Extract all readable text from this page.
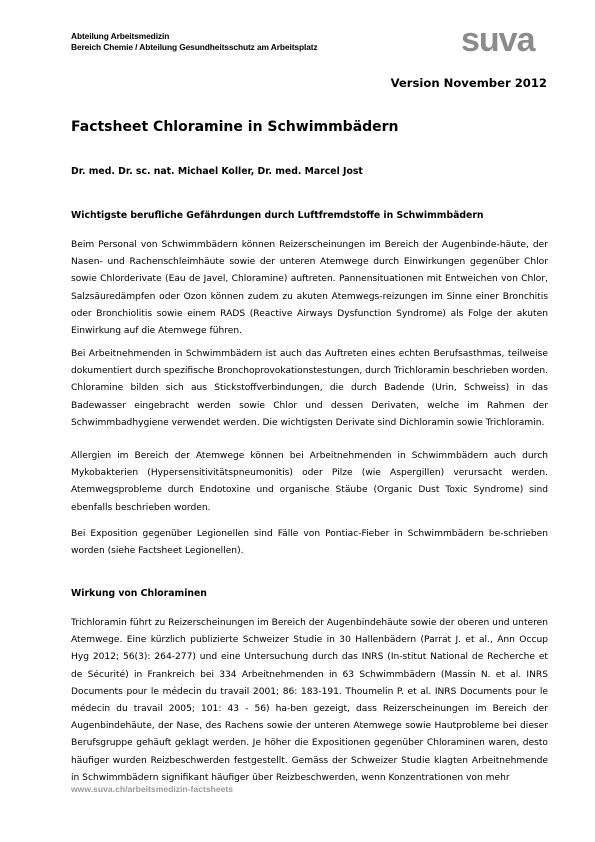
Abteilung Arbeitsmedizin
Bereich Chemie / Abteilung Gesundheitsschutz am Arbeitsplatz	suva
Version November 2012
Factsheet Chloramine in Schwimmbädern
Dr. med. Dr. sc. nat. Michael Koller, Dr. med. Marcel Jost
Wichtigste berufliche Gefährdungen durch Luftfremdstoffe in Schwimmbädern
Beim Personal von Schwimmbädern können Reizerscheinungen im Bereich der Augenbinde-häute, der Nasen- und Rachenschleimhäute sowie der unteren Atemwege durch Einwirkungen gegenüber Chlor sowie Chlorderivate (Eau de Javel, Chloramine) auftreten. Pannensituationen mit Entweichen von Chlor, Salzsäuredämpfen oder Ozon können zudem zu akuten Atemwegs-reizungen im Sinne einer Bronchitis oder Bronchiolitis sowie einem RADS (Reactive Airways Dysfunction Syndrome) als Folge der akuten Einwirkung auf die Atemwege führen.
Bei Arbeitnehmenden in Schwimmbädern ist auch das Auftreten eines echten Berufsasthmas, teilweise dokumentiert durch spezifische Bronchoprovokationstestungen, durch Trichloramin beschrieben worden. Chloramine bilden sich aus Stickstoffverbindungen, die durch Badende (Urin, Schweiss) in das Badewasser eingebracht werden sowie Chlor und dessen Derivaten, welche im Rahmen der Schwimmbadhygiene verwendet werden. Die wichtigsten Derivate sind Dichloramin sowie Trichloramin.
Allergien im Bereich der Atemwege können bei Arbeitnehmenden in Schwimmbädern auch durch Mykobakterien (Hypersensitivitätspneumonitis) oder Pilze (wie Aspergillen) verursacht werden. Atemwegsprobleme durch Endotoxine und organische Stäube (Organic Dust Toxic Syndrome) sind ebenfalls beschrieben worden.
Bei Exposition gegenüber Legionellen sind Fälle von Pontiac-Fieber in Schwimmbädern be-schrieben worden (siehe Factsheet Legionellen).
Wirkung von Chloraminen
Trichloramin führt zu Reizerscheinungen im Bereich der Augenbindehäute sowie der oberen und unteren Atemwege. Eine kürzlich publizierte Schweizer Studie in 30 Hallenbädern (Parrat J. et al., Ann Occup Hyg 2012; 56(3): 264-277) und eine Untersuchung durch das INRS (In-stitut National de Recherche et de Sécurité) in Frankreich bei 334 Arbeitnehmenden in 63 Schwimmbädern (Massin N. et al. INRS Documents pour le médecin du travail 2001; 86: 183-191. Thoumelin P. et al. INRS Documents pour le médecin du travail 2005; 101: 43 - 56) ha-ben gezeigt, dass Reizerscheinungen im Bereich der Augenbindehäute, der Nase, des Rachens sowie der unteren Atemwege sowie Hautprobleme bei dieser Berufsgruppe gehäuft geklagt werden. Je höher die Expositionen gegenüber Chloraminen waren, desto häufiger wurden Reizbeschwerden festgestellt. Gemäss der Schweizer Studie klagten Arbeitnehmende in Schwimmbädern signifikant häufiger über Reizbeschwerden, wenn Konzentrationen von mehr
www.suva.ch/arbeitsmedizin-factsheets
